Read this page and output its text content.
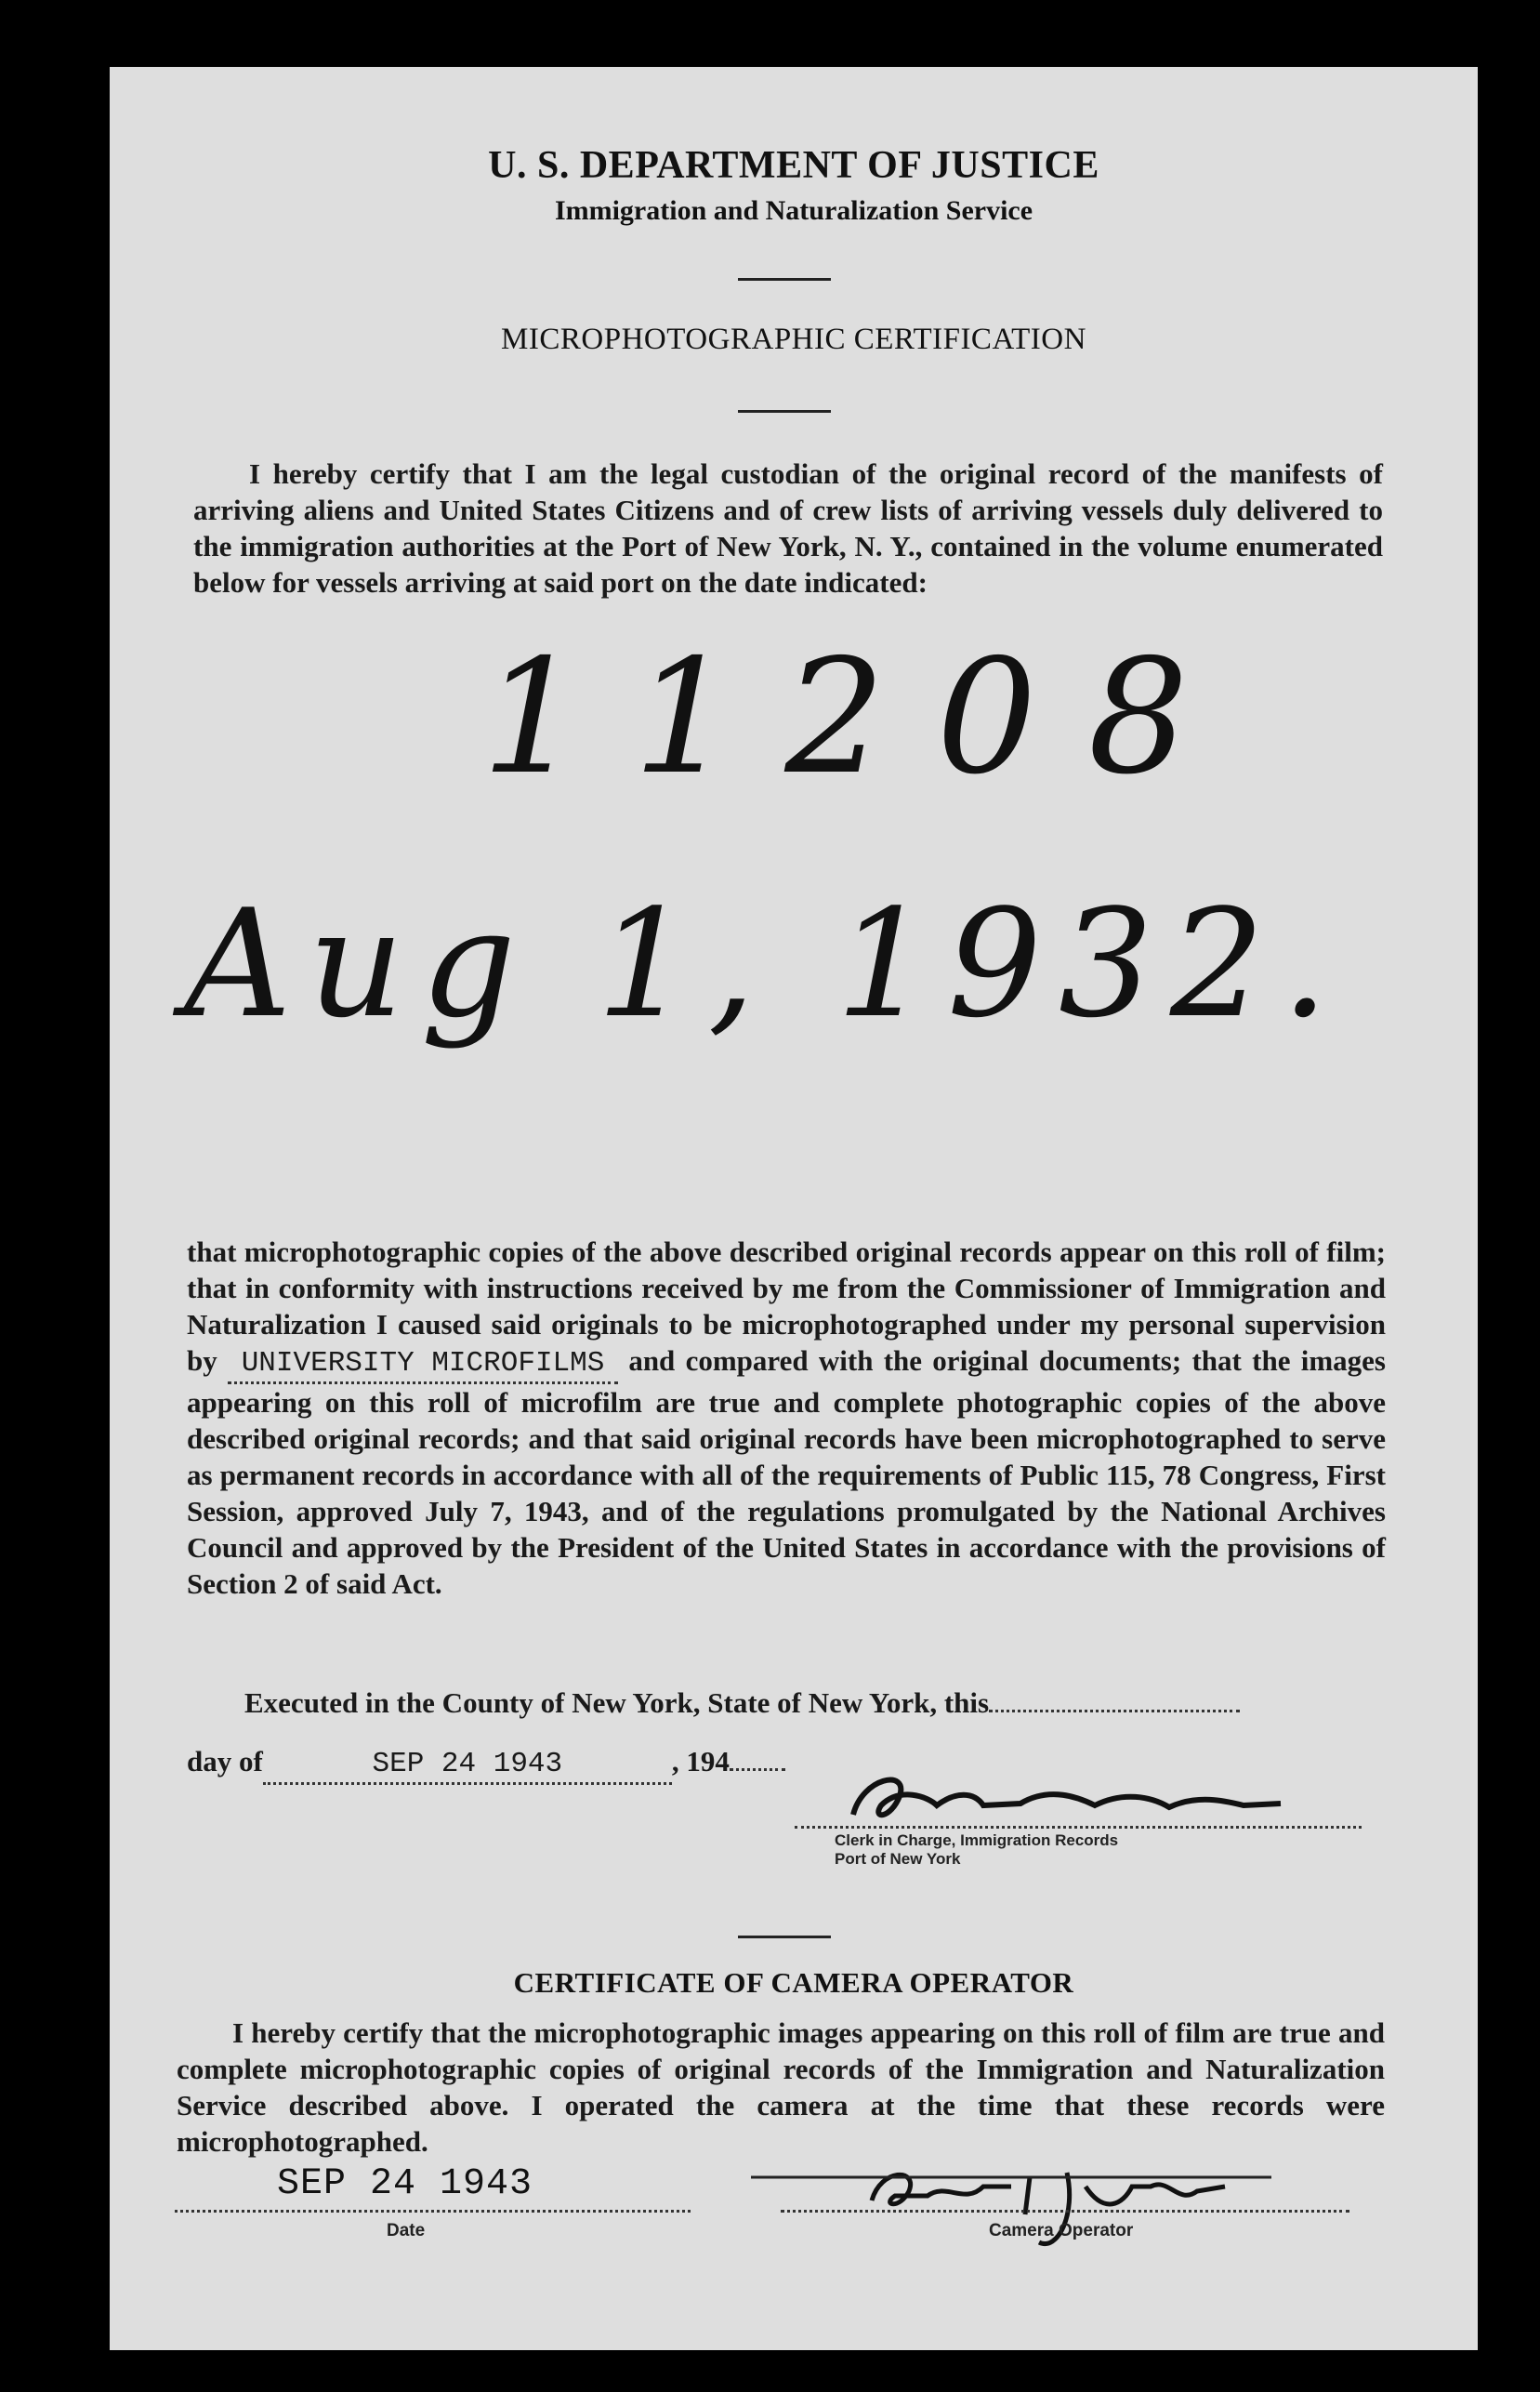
U. S. DEPARTMENT OF JUSTICE
Immigration and Naturalization Service
MICROPHOTOGRAPHIC CERTIFICATION

I hereby certify that I am the legal custodian of the original record of the manifests of arriving aliens and United States Citizens and of crew lists of arriving vessels duly delivered to the immigration authorities at the Port of New York, N. Y., contained in the volume enumerated below for vessels arriving at said port on the date indicated:

11208
Aug 1, 1932.

that microphotographic copies of the above described original records appear on this roll of film; that in conformity with instructions received by me from the Commissioner of Immigration and Naturalization I caused said originals to be microphotographed under my personal supervision by UNIVERSITY MICROFILMS and compared with the original documents; that the images appearing on this roll of microfilm are true and complete photographic copies of the above described original records; and that said original records have been microphotographed to serve as permanent records in accordance with all of the requirements of Public 115, 78 Congress, First Session, approved July 7, 1943, and of the regulations promulgated by the National Archives Council and approved by the President of the United States in accordance with the provisions of Section 2 of said Act.

Executed in the County of New York, State of New York, this

day of	SEP 24 1943	, 194

Clerk in Charge, Immigration Records
Port of New York
CERTIFICATE OF CAMERA OPERATOR

I hereby certify that the microphotographic images appearing on this roll of film are true and complete microphotographic copies of original records of the Immigration and Naturalization Service described above. I operated the camera at the time that these records were microphotographed.

SEP 24 1943
Date	Camera Operator
